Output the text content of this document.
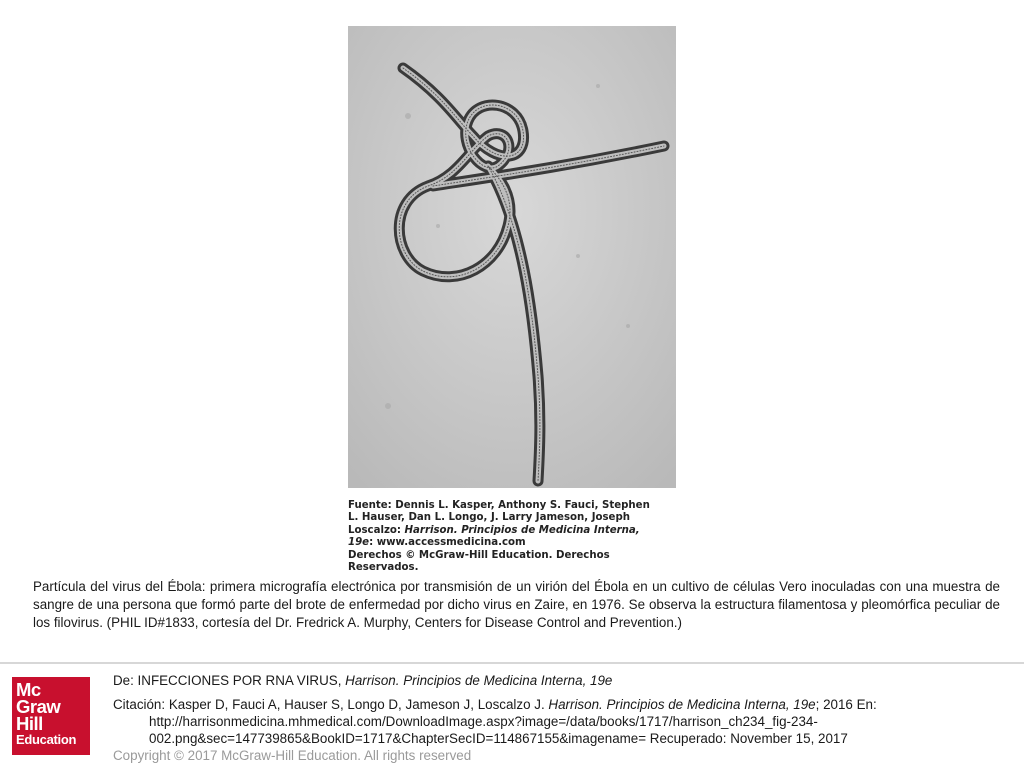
Fuente: Dennis L. Kasper, Anthony S. Fauci, Stephen
L. Hauser, Dan L. Longo, J. Larry Jameson, Joseph
Loscalzo: Harrison. Principios de Medicina Interna,
19e: www.accessmedicina.com
Derechos © McGraw-Hill Education. Derechos Reservados.

Partícula del virus del Ébola: primera micrografía electrónica por transmisión de un virión del Ébola en un cultivo de células Vero inoculadas con una muestra de sangre de una persona que formó parte del brote de enfermedad por dicho virus en Zaire, en 1976. Se observa la estructura filamentosa y pleomórfica peculiar de los filovirus. (PHIL ID#1833, cortesía del Dr. Fredrick A. Murphy, Centers for Disease Control and Prevention.)

Mc
Graw
Hill
Education

De: INFECCIONES POR RNA VIRUS, Harrison. Principios de Medicina Interna, 19e

Citación: Kasper D, Fauci A, Hauser S, Longo D, Jameson J, Loscalzo J. Harrison. Principios de Medicina Interna, 19e; 2016 En: http://harrisonmedicina.mhmedical.com/DownloadImage.aspx?image=/data/books/1717/harrison_ch234_fig-234-002.png&sec=147739865&BookID=1717&ChapterSecID=114867155&imagename= Recuperado: November 15, 2017

Copyright © 2017 McGraw-Hill Education. All rights reserved
